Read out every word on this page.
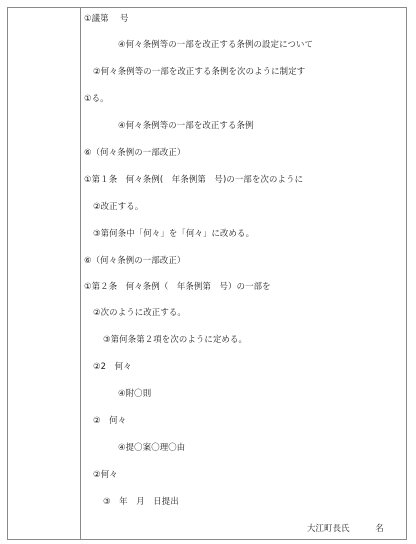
①議第　 号
④何々条例等の一部を改正する条例の設定について
②何々条例等の一部を改正する条例を次のように制定す
①る。
④何々条例等の一部を改正する条例
⑥（何々条例の一部改正）
①第１条　何々条例(　年条例第　号)の一部を次のように
②改正する。
③第何条中「何々」を「何々」に改める。
⑥（何々条例の一部改正）
①第２条　何々条例（　年条例第　号）の一部を
②次のように改正する。
③第何条第２項を次のように定める。
②2　何々
④附〇則
②　何々
④提〇案〇理〇由
②何々
③　年　月　日提出
大江町長氏　　　名
